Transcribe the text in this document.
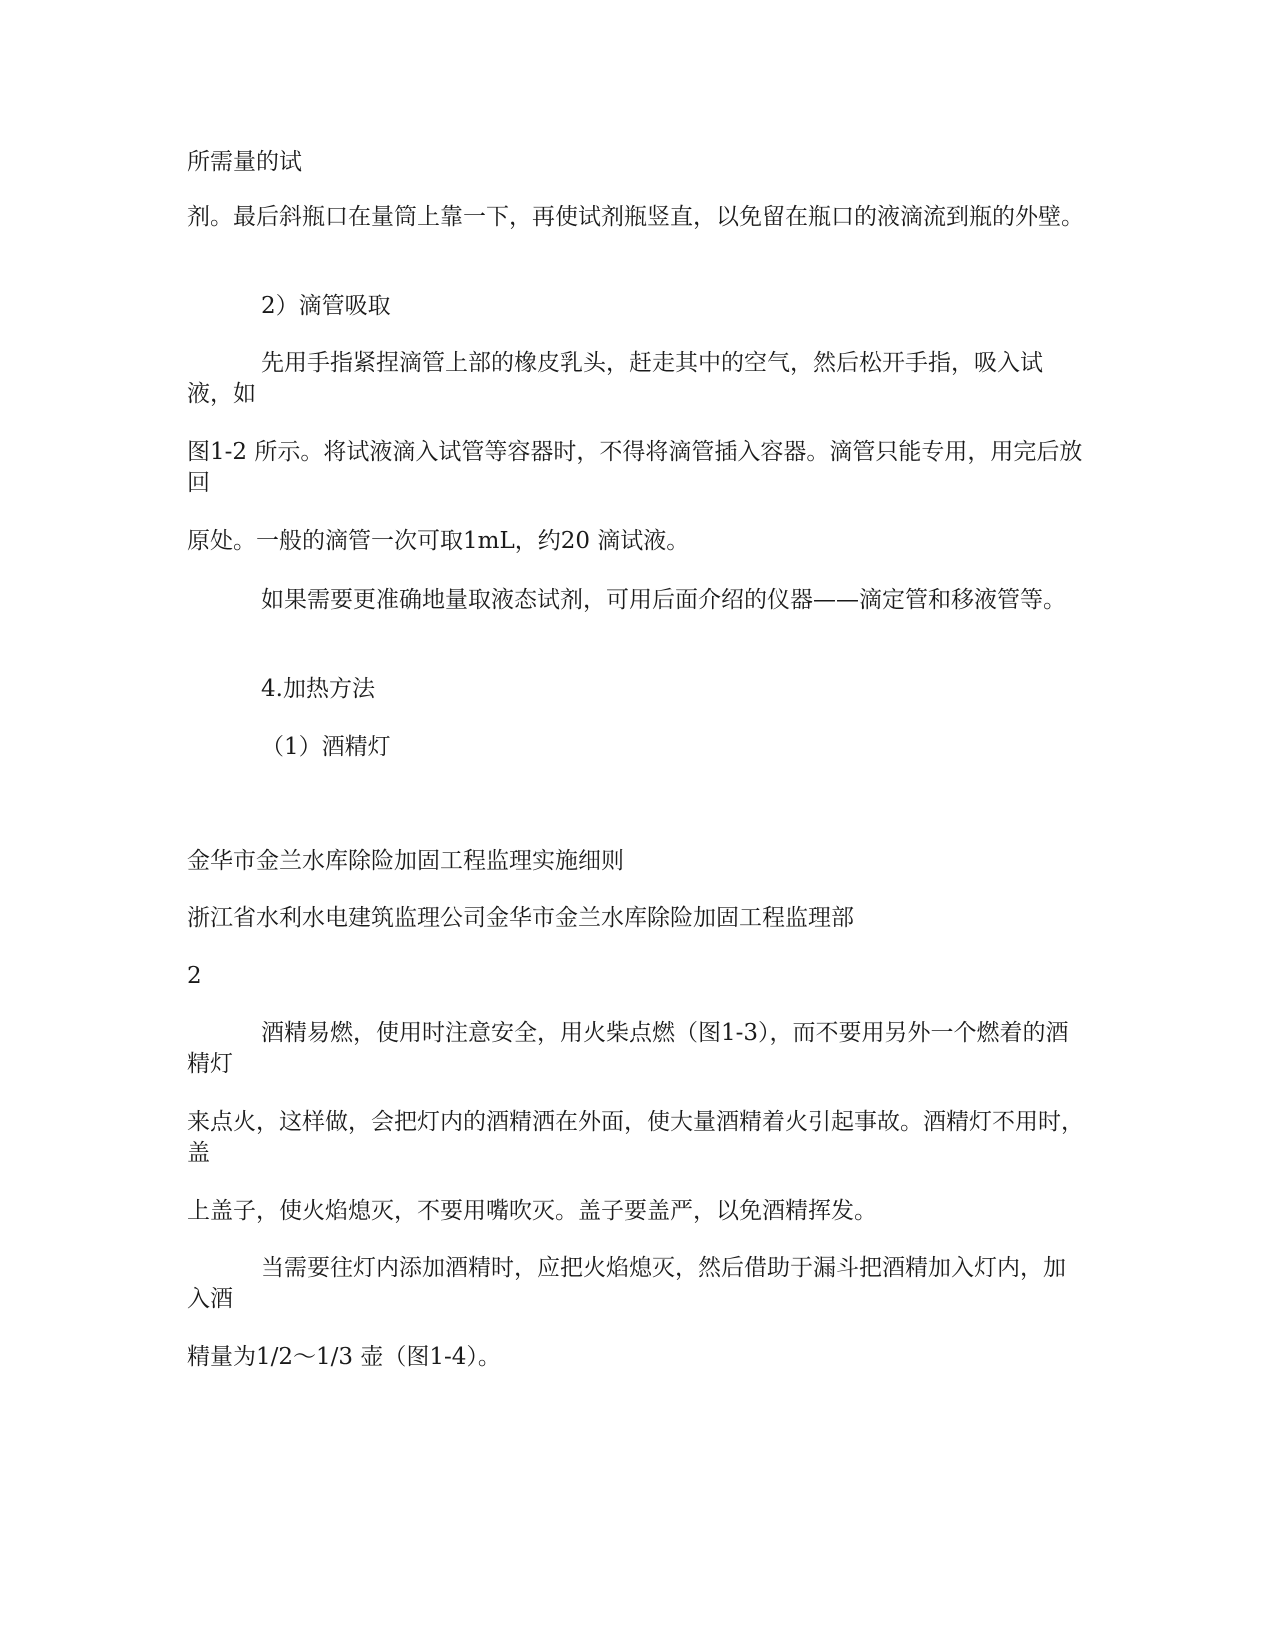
所需量的试

剂。最后斜瓶口在量筒上靠一下，再使试剂瓶竖直，以免留在瓶口的液滴流到瓶的外壁。

2）滴管吸取

先用手指紧捏滴管上部的橡皮乳头，赶走其中的空气，然后松开手指，吸入试液，如

图1-2 所示。将试液滴入试管等容器时，不得将滴管插入容器。滴管只能专用，用完后放回

原处。一般的滴管一次可取1mL，约20 滴试液。

如果需要更准确地量取液态试剂，可用后面介绍的仪器——滴定管和移液管等。

4.加热方法

（1）酒精灯

金华市金兰水库除险加固工程监理实施细则

浙江省水利水电建筑监理公司金华市金兰水库除险加固工程监理部

2

酒精易燃，使用时注意安全，用火柴点燃（图1-3），而不要用另外一个燃着的酒精灯

来点火，这样做，会把灯内的酒精洒在外面，使大量酒精着火引起事故。酒精灯不用时，盖

上盖子，使火焰熄灭，不要用嘴吹灭。盖子要盖严，以免酒精挥发。

当需要往灯内添加酒精时，应把火焰熄灭，然后借助于漏斗把酒精加入灯内，加入酒

精量为1/2～1/3 壶（图1-4）。
